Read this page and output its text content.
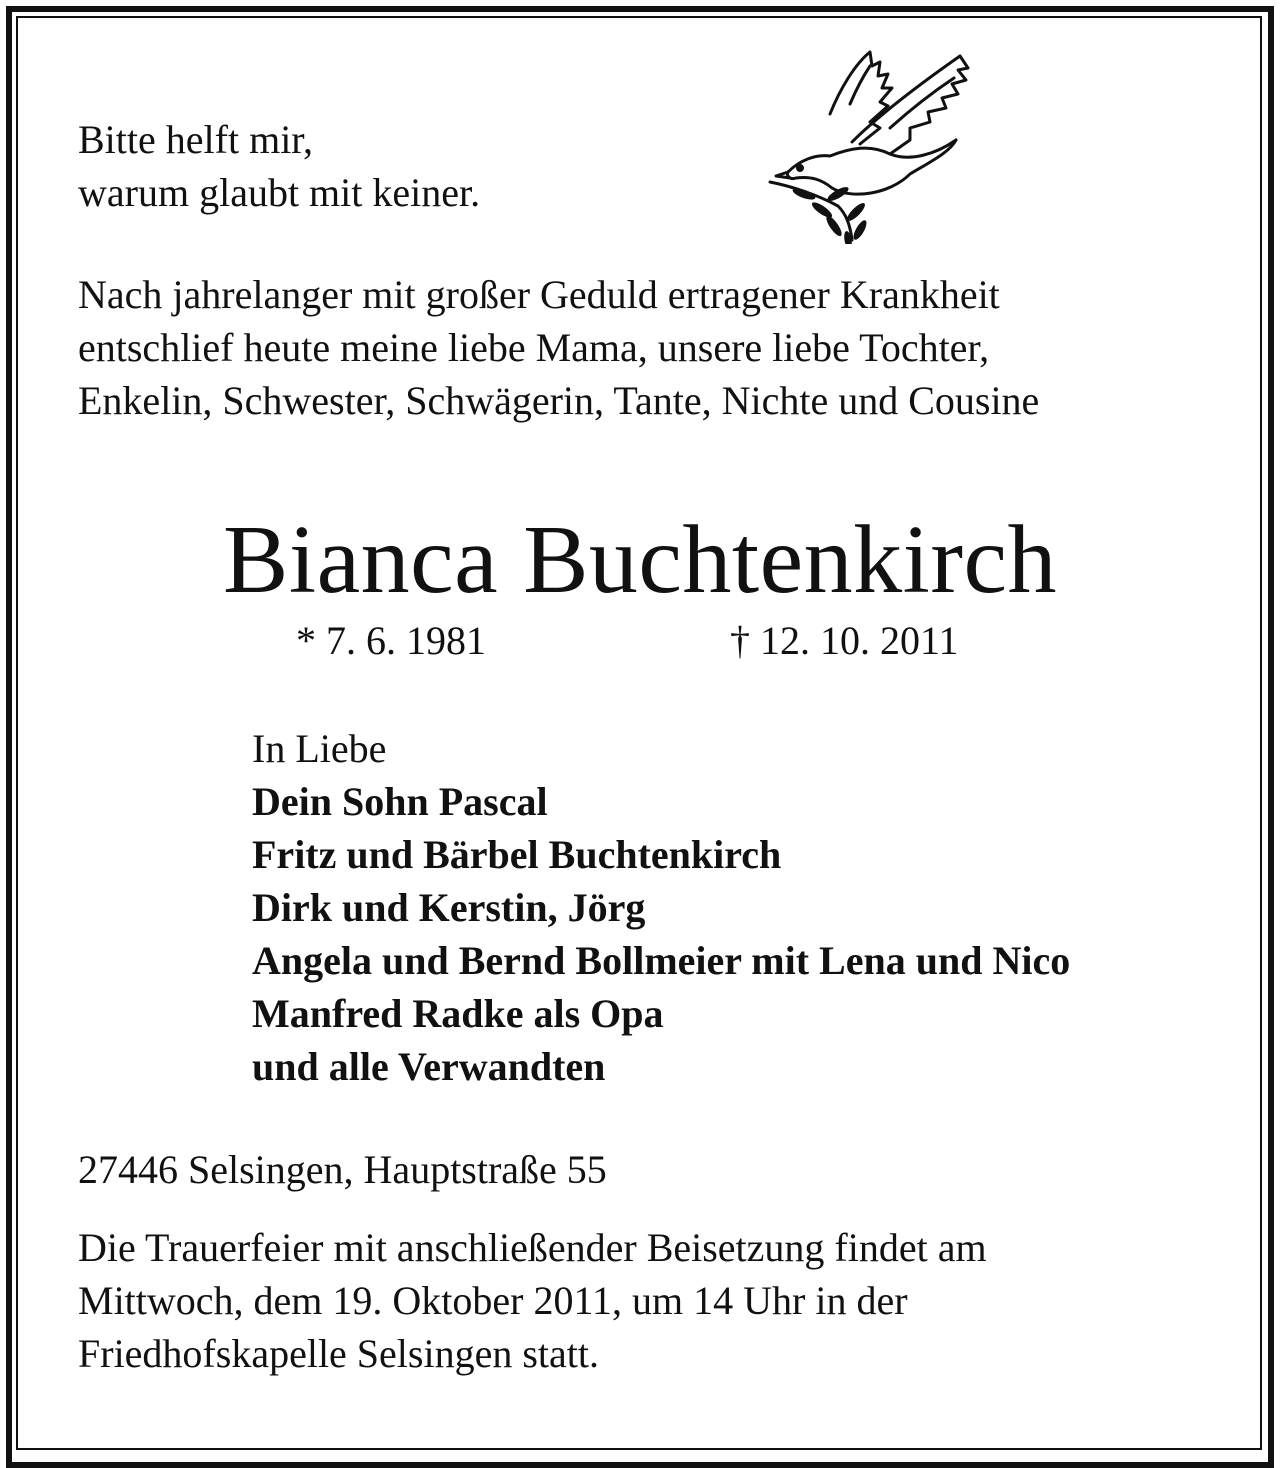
Bitte helft mir,
warum glaubt mit keiner.
Nach jahrelanger mit großer Geduld ertragener Krankheit
entschlief heute meine liebe Mama, unsere liebe Tochter,
Enkelin, Schwester, Schwägerin, Tante, Nichte und Cousine
Bianca Buchtenkirch
* 7. 6. 1981	† 12. 10. 2011
In Liebe
Dein Sohn Pascal
Fritz und Bärbel Buchtenkirch
Dirk und Kerstin, Jörg
Angela und Bernd Bollmeier mit Lena und Nico
Manfred Radke als Opa
und alle Verwandten
27446 Selsingen, Hauptstraße 55
Die Trauerfeier mit anschließender Beisetzung findet am
Mittwoch, dem 19. Oktober 2011, um 14 Uhr in der
Friedhofskapelle Selsingen statt.
